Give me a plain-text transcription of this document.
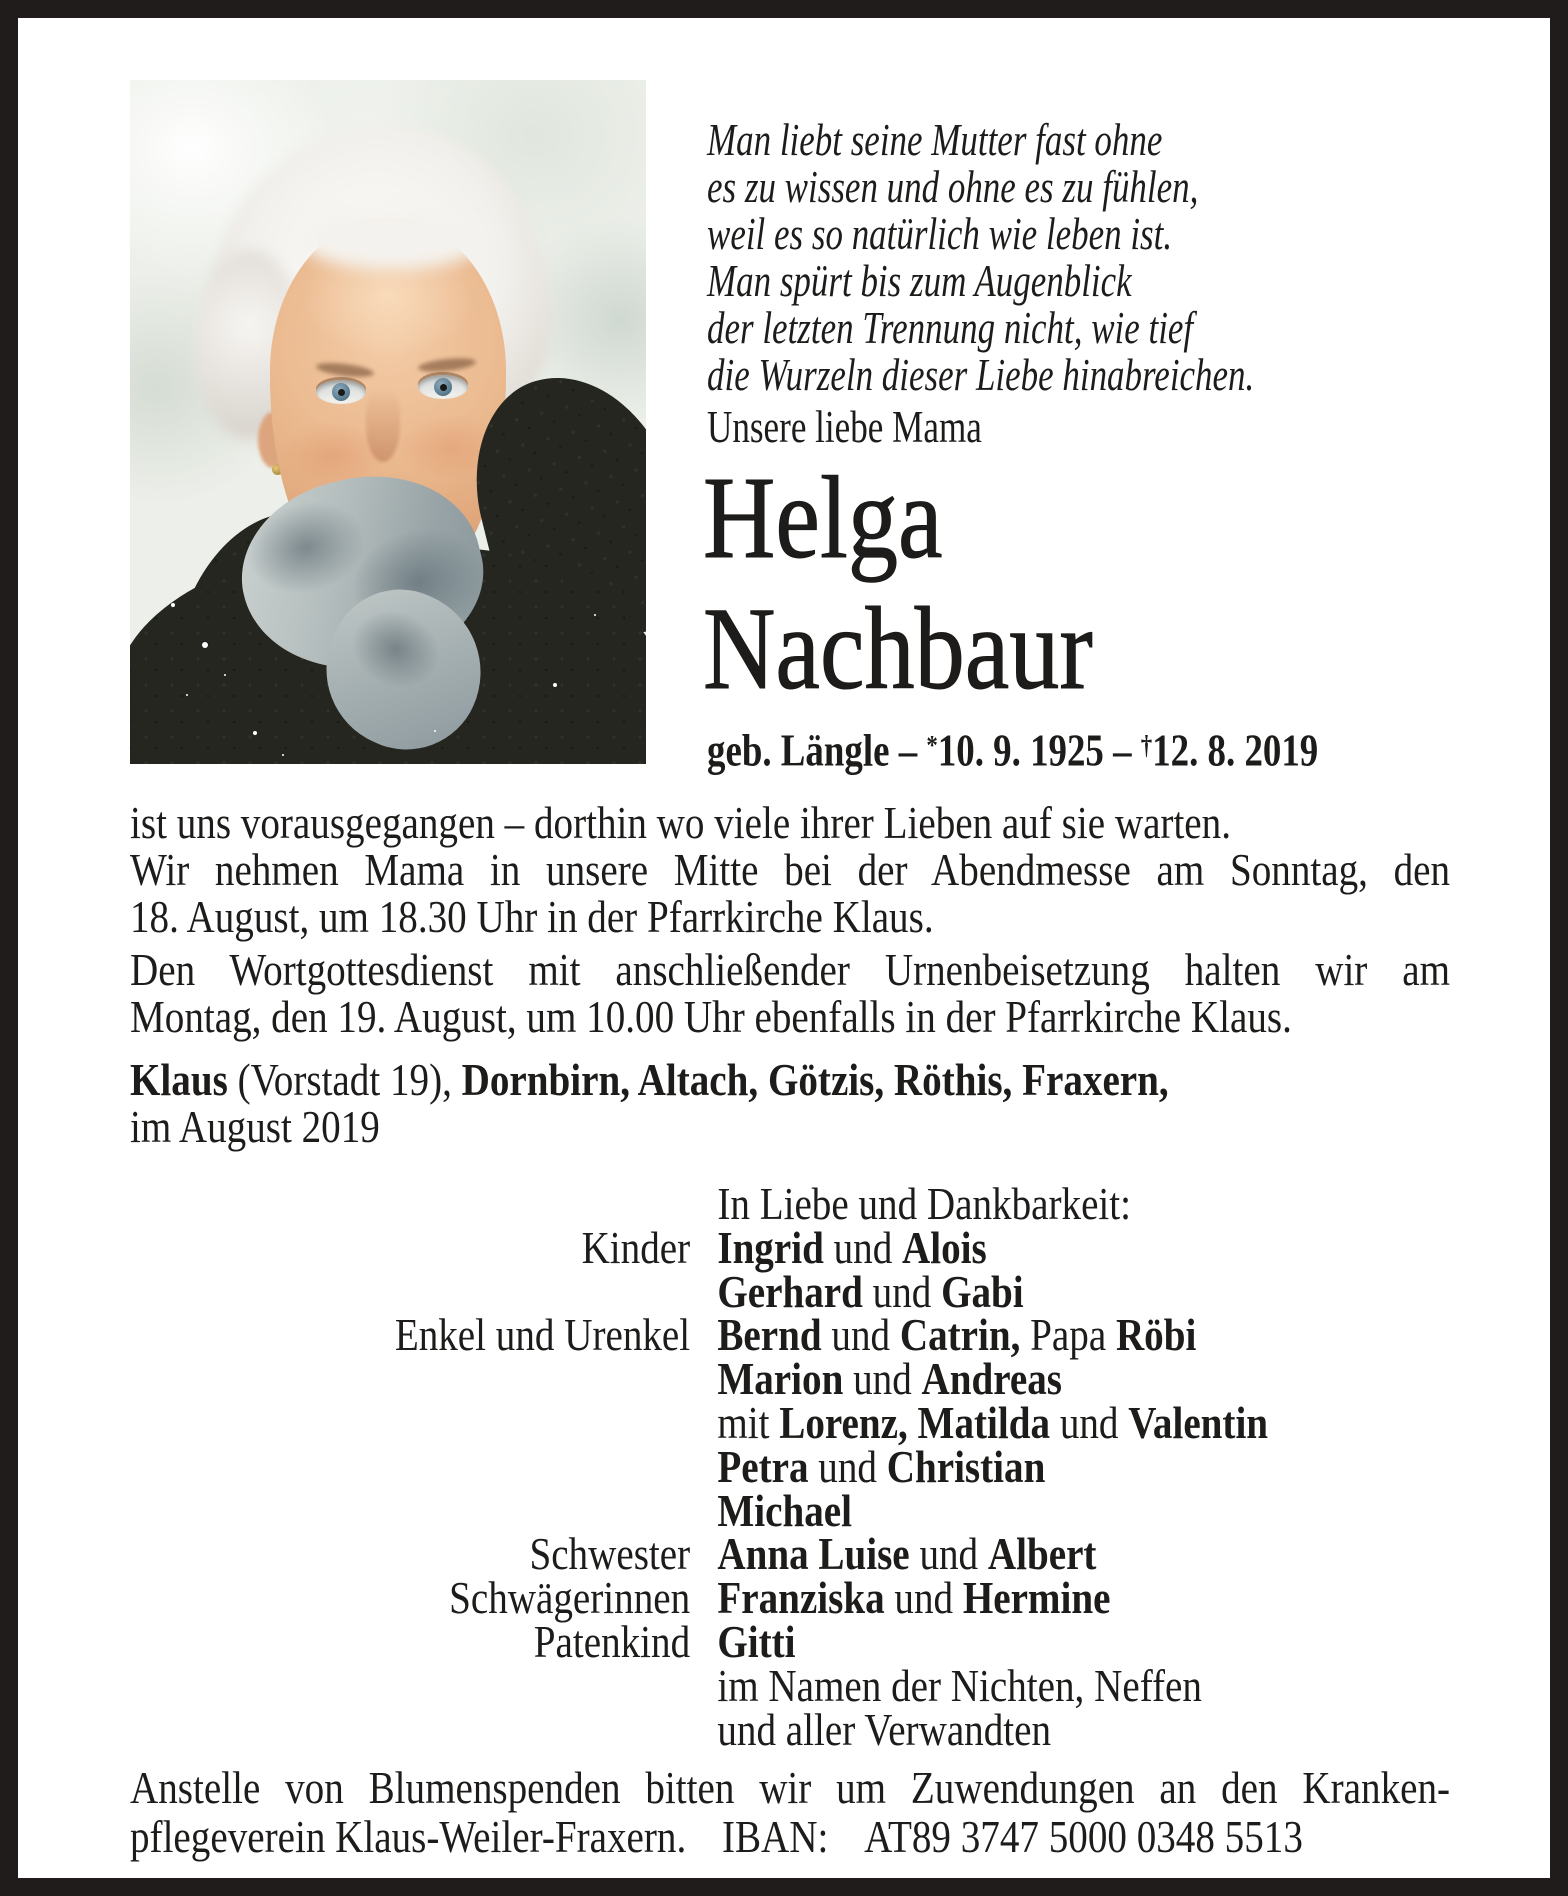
Man liebt seine Mutter fast ohne
es zu wissen und ohne es zu fühlen,
weil es so natürlich wie leben ist.
Man spürt bis zum Augenblick
der letzten Trennung nicht, wie tief
die Wurzeln dieser Liebe hinabreichen.
Unsere liebe Mama
Helga
Nachbaur
geb. Längle – *10. 9. 1925 – †12. 8. 2019
ist uns vorausgegangen – dorthin wo viele ihrer Lieben auf sie warten.
Wir nehmen Mama in unsere Mitte bei der Abendmesse am Sonntag, den
18. August, um 18.30 Uhr in der Pfarrkirche Klaus.
Den Wortgottesdienst mit anschließender Urnenbeisetzung halten wir am
Montag, den 19. August, um 10.00 Uhr ebenfalls in der Pfarrkirche Klaus.
Klaus (Vorstadt 19), Dornbirn, Altach, Götzis, Röthis, Fraxern,
im August 2019
In Liebe und Dankbarkeit:
Kinder Ingrid und Alois
Gerhard und Gabi
Enkel und Urenkel Bernd und Catrin, Papa Röbi
Marion und Andreas
mit Lorenz, Matilda und Valentin
Petra und Christian
Michael
Schwester Anna Luise und Albert
Schwägerinnen Franziska und Hermine
Patenkind Gitti
im Namen der Nichten, Neffen
und aller Verwandten
Anstelle von Blumenspenden bitten wir um Zuwendungen an den Kranken-
pflegeverein Klaus-Weiler-Fraxern. IBAN: AT89 3747 5000 0348 5513
